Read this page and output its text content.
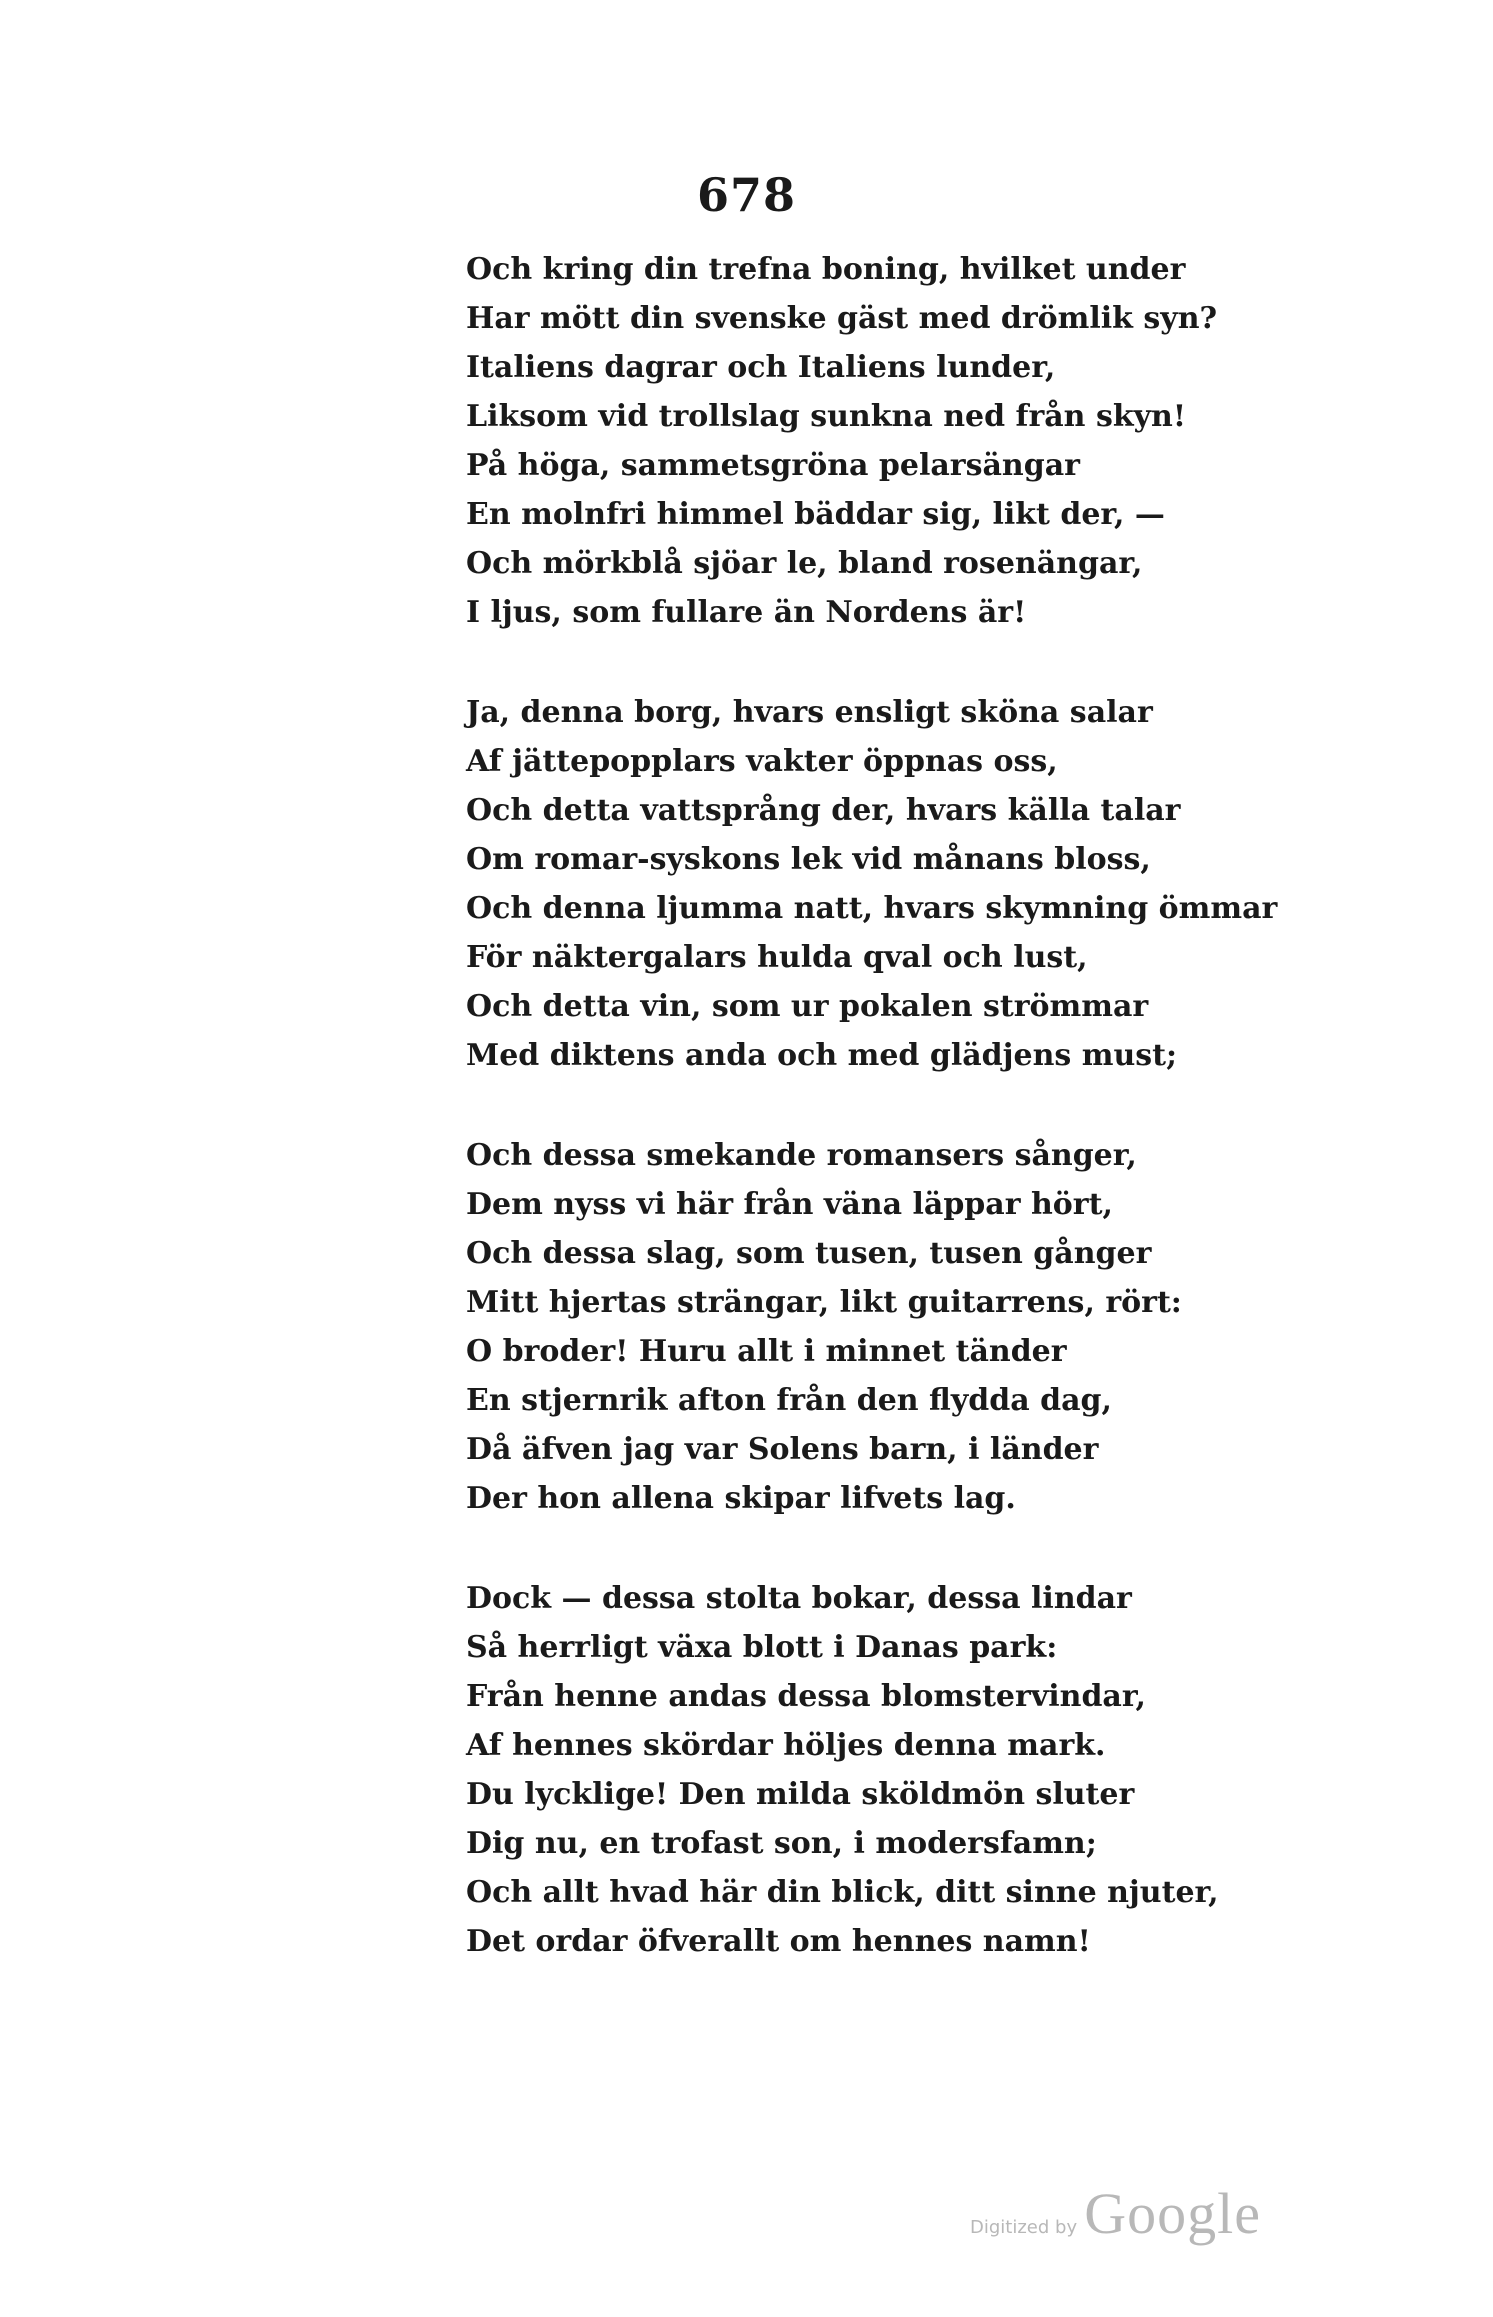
678
Och kring din trefna boning, hvilket under
Har mött din svenske gäst med drömlik syn?
Italiens dagrar och Italiens lunder,
Liksom vid trollslag sunkna ned från skyn!
På höga, sammetsgröna pelarsängar
En molnfri himmel bäddar sig, likt der, —
Och mörkblå sjöar le, bland rosenängar,
I ljus, som fullare än Nordens är!
Ja, denna borg, hvars ensligt sköna salar
Af jättepopplars vakter öppnas oss,
Och detta vattsprång der, hvars källa talar
Om romar-syskons lek vid månans bloss,
Och denna ljumma natt, hvars skymning ömmar
För näktergalars hulda qval och lust,
Och detta vin, som ur pokalen strömmar
Med diktens anda och med glädjens must;
Och dessa smekande romansers sånger,
Dem nyss vi här från väna läppar hört,
Och dessa slag, som tusen, tusen gånger
Mitt hjertas strängar, likt guitarrens, rört:
O broder! Huru allt i minnet tänder
En stjernrik afton från den flydda dag,
Då äfven jag var Solens barn, i länder
Der hon allena skipar lifvets lag.
Dock — dessa stolta bokar, dessa lindar
Så herrligt växa blott i Danas park:
Från henne andas dessa blomstervindar,
Af hennes skördar höljes denna mark.
Du lycklige! Den milda sköldmön sluter
Dig nu, en trofast son, i modersfamn;
Och allt hvad här din blick, ditt sinne njuter,
Det ordar öfverallt om hennes namn!
Digitized by Google
